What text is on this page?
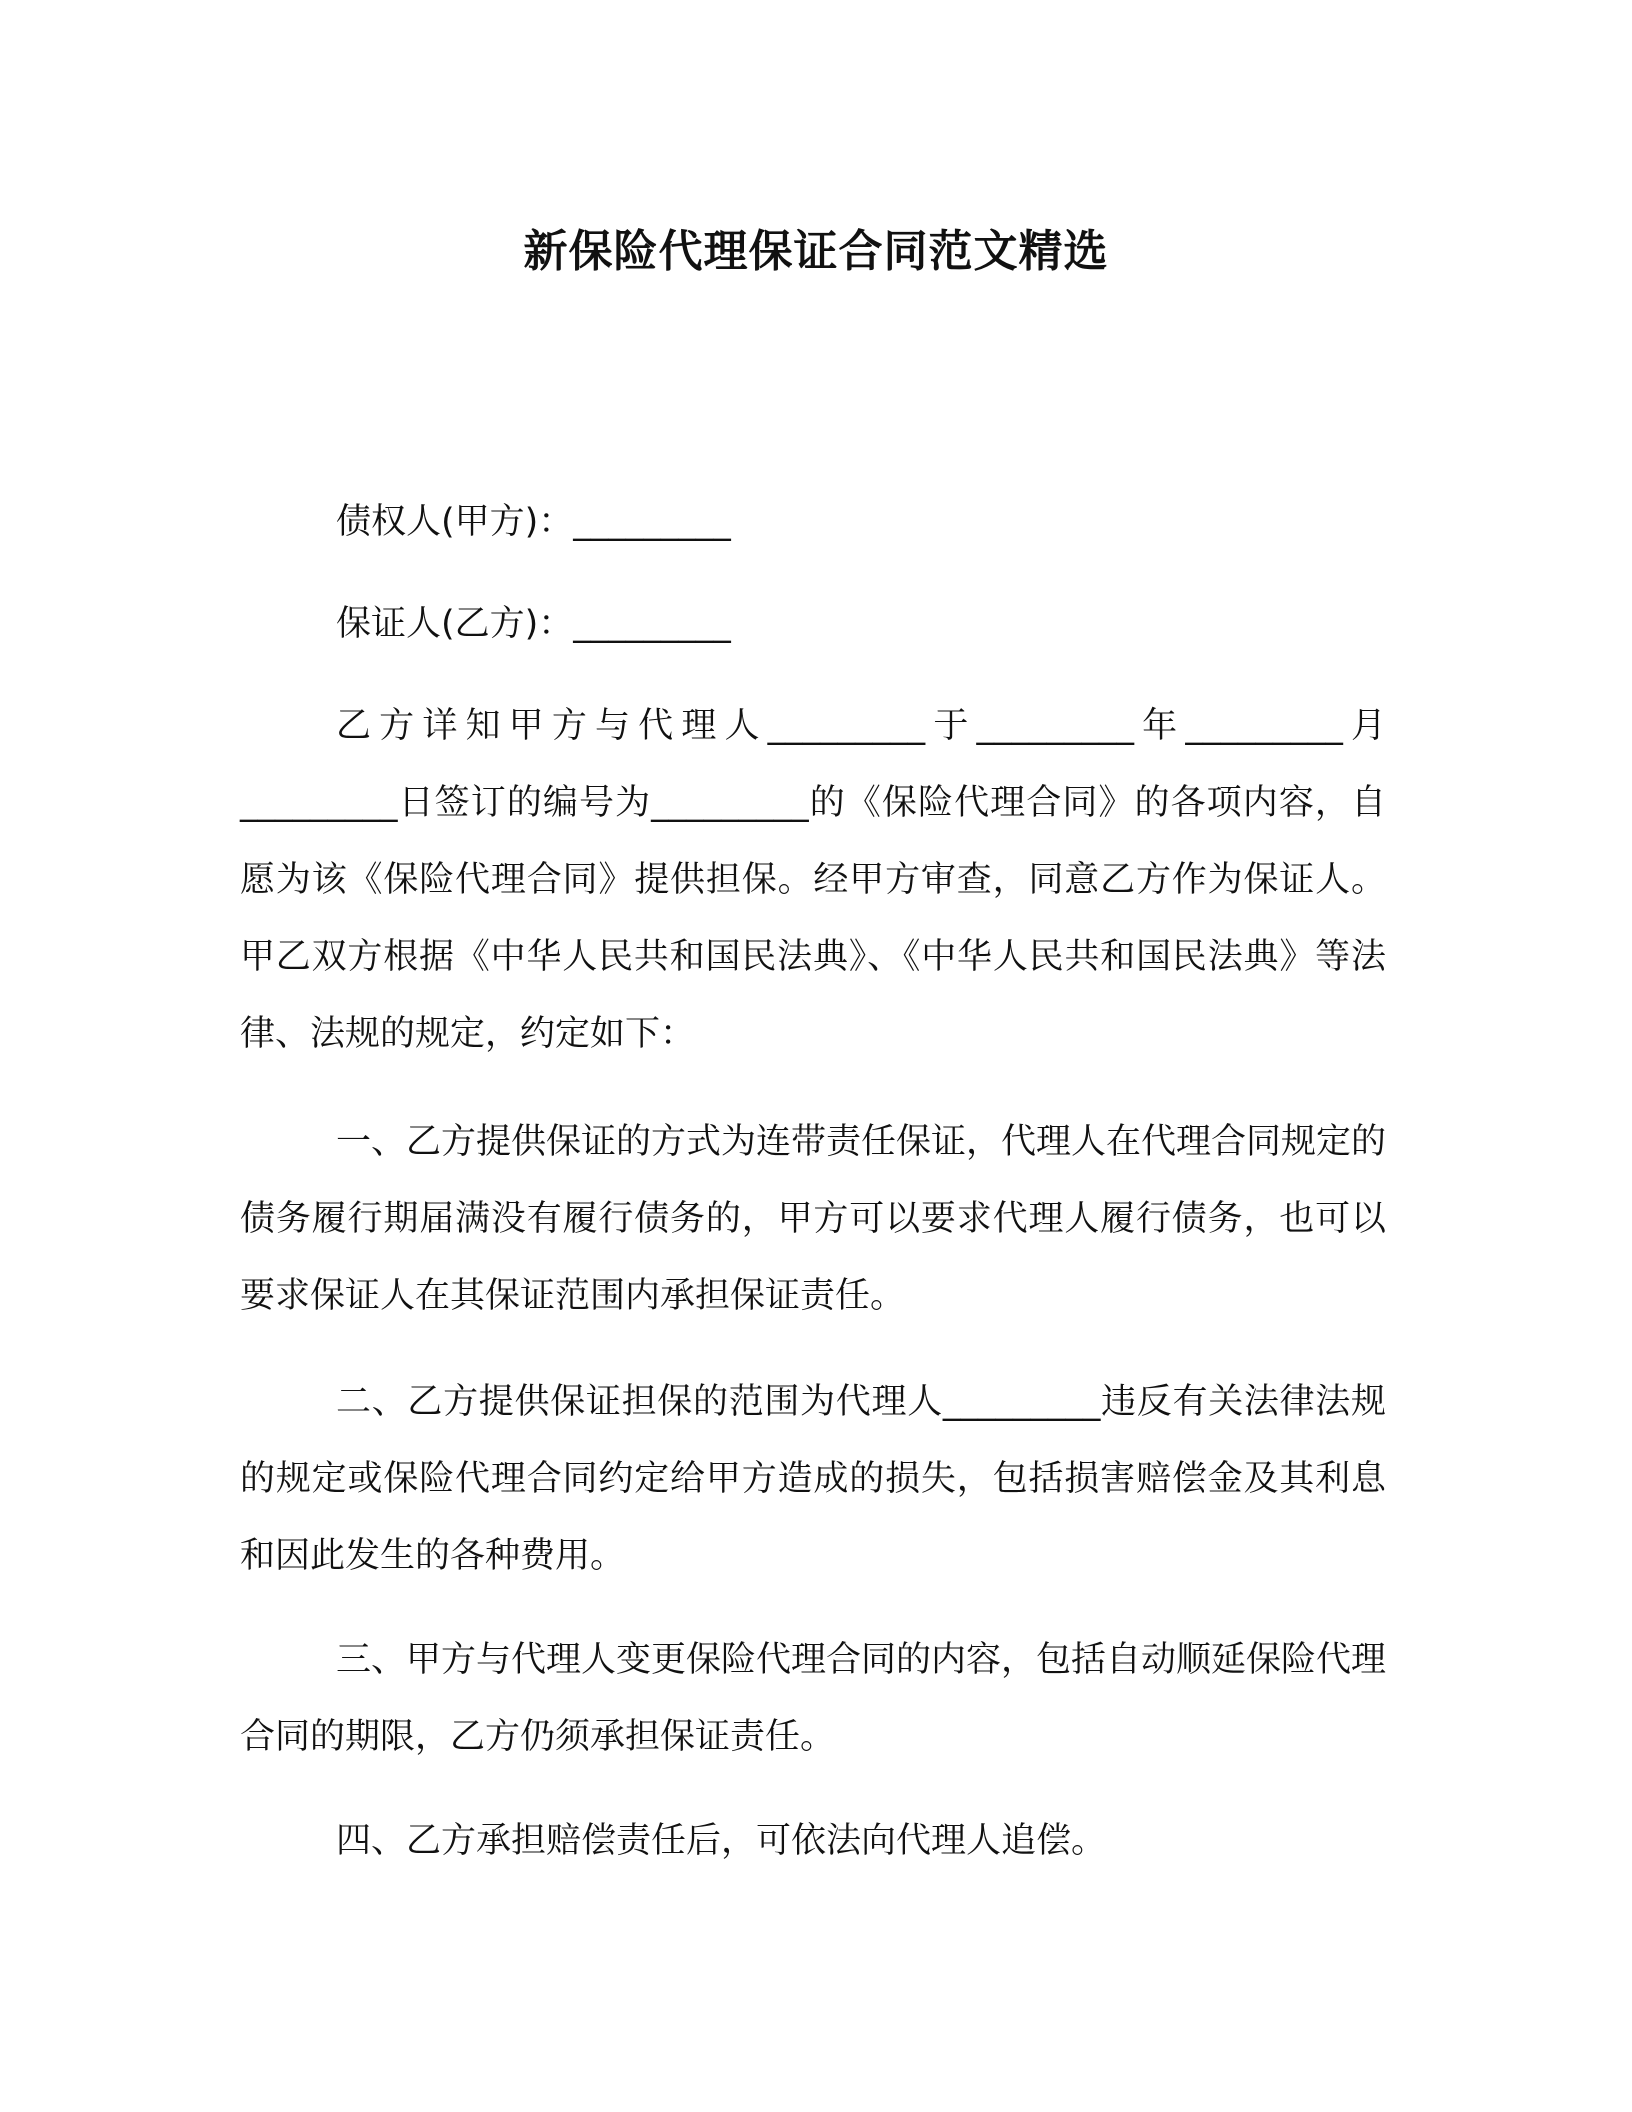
新保险代理保证合同范文精选
债权人(甲方)：_________
保证人(乙方)：_________

乙方详知甲方与代理人_________于_________年_________月_________日签订的编号为_________的《保险代理合同》的各项内容，自愿为该《保险代理合同》提供担保。经甲方审查，同意乙方作为保证人。甲乙双方根据《中华人民共和国民法典》、《中华人民共和国民法典》等法律、法规的规定，约定如下：

一、乙方提供保证的方式为连带责任保证，代理人在代理合同规定的债务履行期届满没有履行债务的，甲方可以要求代理人履行债务，也可以要求保证人在其保证范围内承担保证责任。

二、乙方提供保证担保的范围为代理人_________违反有关法律法规的规定或保险代理合同约定给甲方造成的损失，包括损害赔偿金及其利息和因此发生的各种费用。

三、甲方与代理人变更保险代理合同的内容，包括自动顺延保险代理合同的期限，乙方仍须承担保证责任。

四、乙方承担赔偿责任后，可依法向代理人追偿。
